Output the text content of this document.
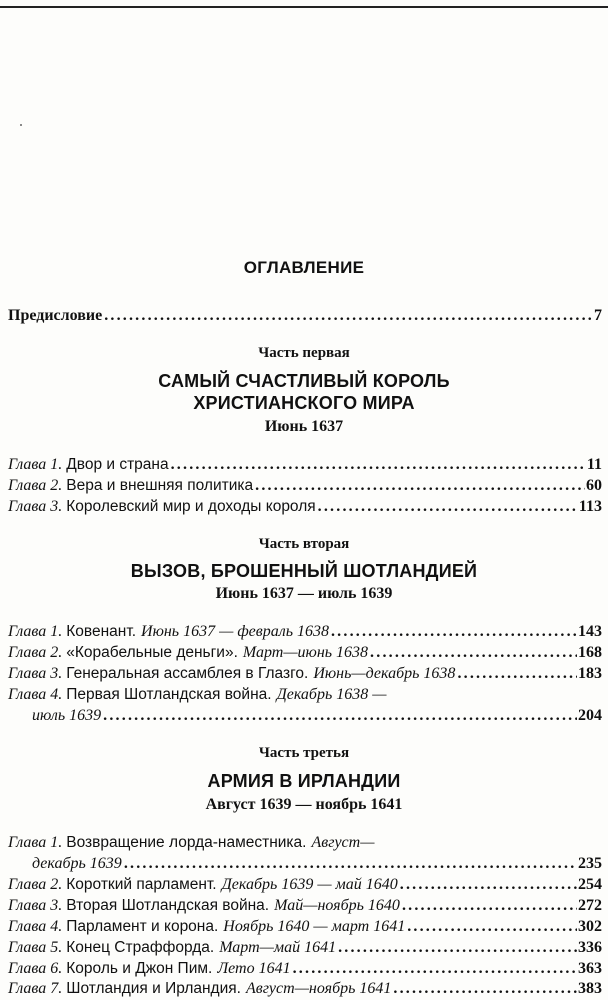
ОГЛАВЛЕНИЕ
Предисловие .....	7
Часть первая
САМЫЙ СЧАСТЛИВЫЙ КОРОЛЬ
ХРИСТИАНСКОГО МИРА
Июнь 1637
Глава 1. Двор и страна .....	11
Глава 2. Вера и внешняя политика .....	60
Глава 3. Королевский мир и доходы короля .....	113
Часть вторая
ВЫЗОВ, БРОШЕННЫЙ ШОТЛАНДИЕЙ
Июнь 1637 — июль 1639
Глава 1. Ковенант. Июнь 1637 — февраль 1638 .....	143
Глава 2. «Корабельные деньги». Март—июнь 1638 .....	168
Глава 3. Генеральная ассамблея в Глазго. Июнь—декабрь 1638 .....	183
Глава 4. Первая Шотландская война. Декабрь 1638 —
июль 1639 .....	204
Часть третья
АРМИЯ В ИРЛАНДИИ
Август 1639 — ноябрь 1641
Глава 1. Возвращение лорда-наместника. Август—
декабрь 1639 .....	235
Глава 2. Короткий парламент. Декабрь 1639 — май 1640 .....	254
Глава 3. Вторая Шотландская война. Май—ноябрь 1640 .....	272
Глава 4. Парламент и корона. Ноябрь 1640 — март 1641 .....	302
Глава 5. Конец Страффорда. Март—май 1641 .....	336
Глава 6. Король и Джон Пим. Лето 1641 .....	363
Глава 7. Шотландия и Ирландия. Август—ноябрь 1641 .....	383
